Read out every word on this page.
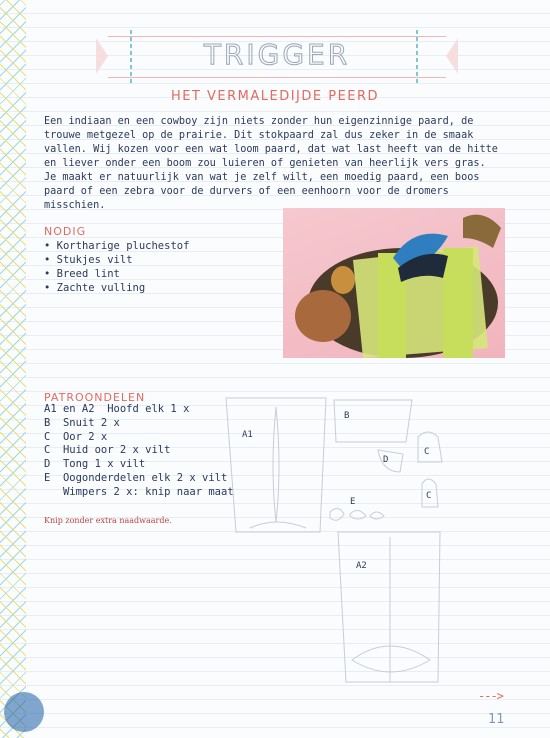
TRIGGER
HET VERMALEDIJDE PEERD

Een indiaan en een cowboy zijn niets zonder hun eigenzinnige paard, de trouwe metgezel op de prairie. Dit stokpaard zal dus zeker in de smaak vallen. Wij kozen voor een wat loom paard, dat wat last heeft van de hitte en liever onder een boom zou luieren of genieten van heerlijk vers gras.

Je maakt er natuurlijk van wat je zelf wilt, een moedig paard, een boos paard of een zebra voor de durvers of een eenhoorn voor de dromers misschien.

NODIG
• Kortharige pluchestof
• Stukjes vilt
• Breed lint
• Zachte vulling
PATROONDELEN
A1 en A2  Hoofd elk 1 x
B  Snuit 2 x
C  Oor 2 x
C  Huid oor 2 x vilt
D  Tong 1 x vilt
E  Oogonderdelen elk 2 x vilt
Wimpers 2 x: knip naar maat
Knip zonder extra naadwaarde.
A1
A2
B
C
C
D
E
--->
11
